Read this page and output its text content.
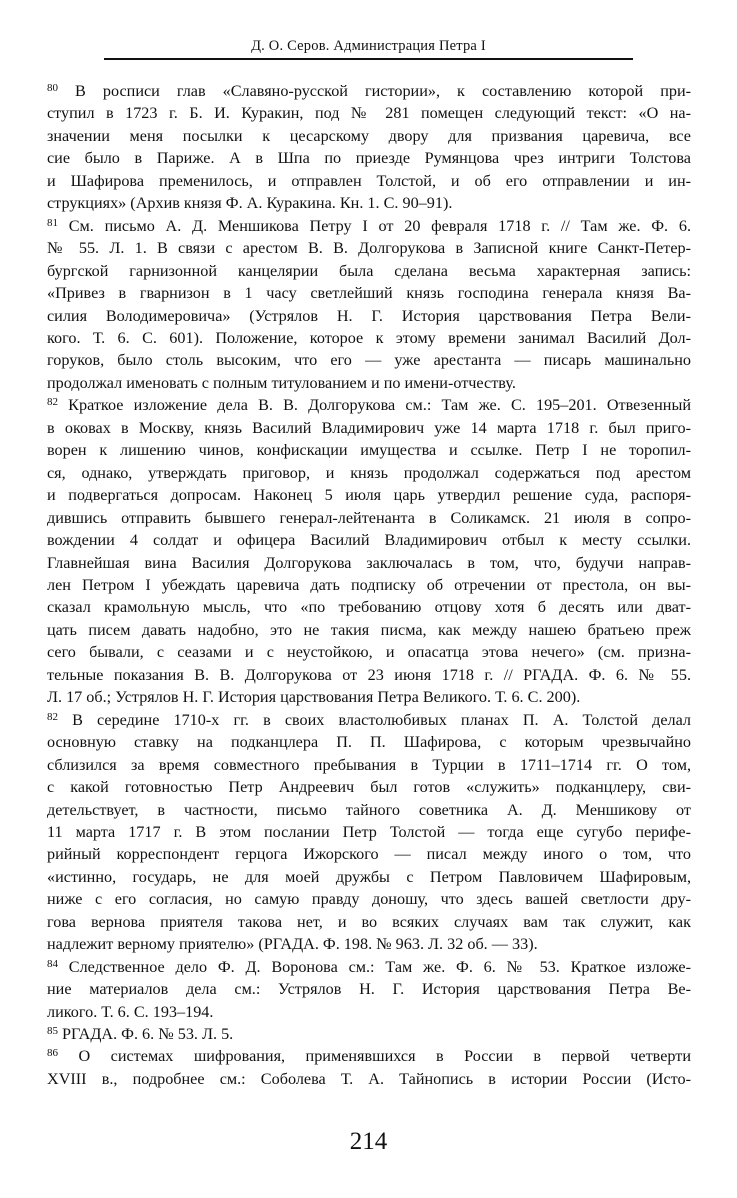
Д. О. Серов. Администрация Петра I
$^{80}$ В росписи глав «Славяно-русской гистории», к составлению которой при-
ступил в 1723 г. Б. И. Куракин, под № 281 помещен следующий текст: «О на-
значении меня посылки к цесарскому двору для призвания царевича, все
сие было в Париже. А в Шпа по приезде Румянцова чрез интриги Толстова
и Шафирова пременилось, и отправлен Толстой, и об его отправлении и ин-
струкциях» (Архив князя Ф. А. Куракина. Кн. 1. С. 90–91).
$^{81}$ См. письмо А. Д. Меншикова Петру I от 20 февраля 1718 г. // Там же. Ф. 6.
№ 55. Л. 1. В связи с арестом В. В. Долгорукова в Записной книге Санкт-Петер-
бургской гарнизонной канцелярии была сделана весьма характерная запись:
«Привез в гварнизон в 1 часу светлейший князь господина генерала князя Ва-
силия Володимеровича» (Устрялов Н. Г. История царствования Петра Вели-
кого. Т. 6. С. 601). Положение, которое к этому времени занимал Василий Дол-
горуков, было столь высоким, что его — уже арестанта — писарь машинально
продолжал именовать с полным титулованием и по имени-отчеству.
$^{82}$ Краткое изложение дела В. В. Долгорукова см.: Там же. С. 195–201. Отвезенный
в оковах в Москву, князь Василий Владимирович уже 14 марта 1718 г. был приго-
ворен к лишению чинов, конфискации имущества и ссылке. Петр I не торопил-
ся, однако, утверждать приговор, и князь продолжал содержаться под арестом
и подвергаться допросам. Наконец 5 июля царь утвердил решение суда, распоря-
дившись отправить бывшего генерал-лейтенанта в Соликамск. 21 июля в сопро-
вождении 4 солдат и офицера Василий Владимирович отбыл к месту ссылки.
Главнейшая вина Василия Долгорукова заключалась в том, что, будучи направ-
лен Петром I убеждать царевича дать подписку об отречении от престола, он вы-
сказал крамольную мысль, что «по требованию отцову хотя б десять или дват-
цать писем давать надобно, это не такия писма, как между нашею братьею преж
сего бывали, с сеазами и с неустойкою, и опасатца этова нечего» (см. призна-
тельные показания В. В. Долгорукова от 23 июня 1718 г. // РГАДА. Ф. 6. № 55.
Л. 17 об.; Устрялов Н. Г. История царствования Петра Великого. Т. 6. С. 200).
$^{82}$ В середине 1710-х гг. в своих властолюбивых планах П. А. Толстой делал
основную ставку на подканцлера П. П. Шафирова, с которым чрезвычайно
сблизился за время совместного пребывания в Турции в 1711–1714 гг. О том,
с какой готовностью Петр Андреевич был готов «служить» подканцлеру, сви-
детельствует, в частности, письмо тайного советника А. Д. Меншикову от
11 марта 1717 г. В этом послании Петр Толстой — тогда еще сугубо перифе-
рийный корреспондент герцога Ижорского — писал между иного о том, что
«истинно, государь, не для моей дружбы с Петром Павловичем Шафировым,
ниже с его согласия, но самую правду доношу, что здесь вашей светлости дру-
гова вернова приятеля такова нет, и во всяких случаях вам так служит, как
надлежит верному приятелю» (РГАДА. Ф. 198. № 963. Л. 32 об. — 33).
$^{84}$ Следственное дело Ф. Д. Воронова см.: Там же. Ф. 6. № 53. Краткое изложе-
ние материалов дела см.: Устрялов Н. Г. История царствования Петра Ве-
ликого. Т. 6. С. 193–194.
$^{85}$ РГАДА. Ф. 6. № 53. Л. 5.
$^{86}$ О системах шифрования, применявшихся в России в первой четверти
XVIII в., подробнее см.: Соболева Т. А. Тайнопись в истории России (Исто-
214
